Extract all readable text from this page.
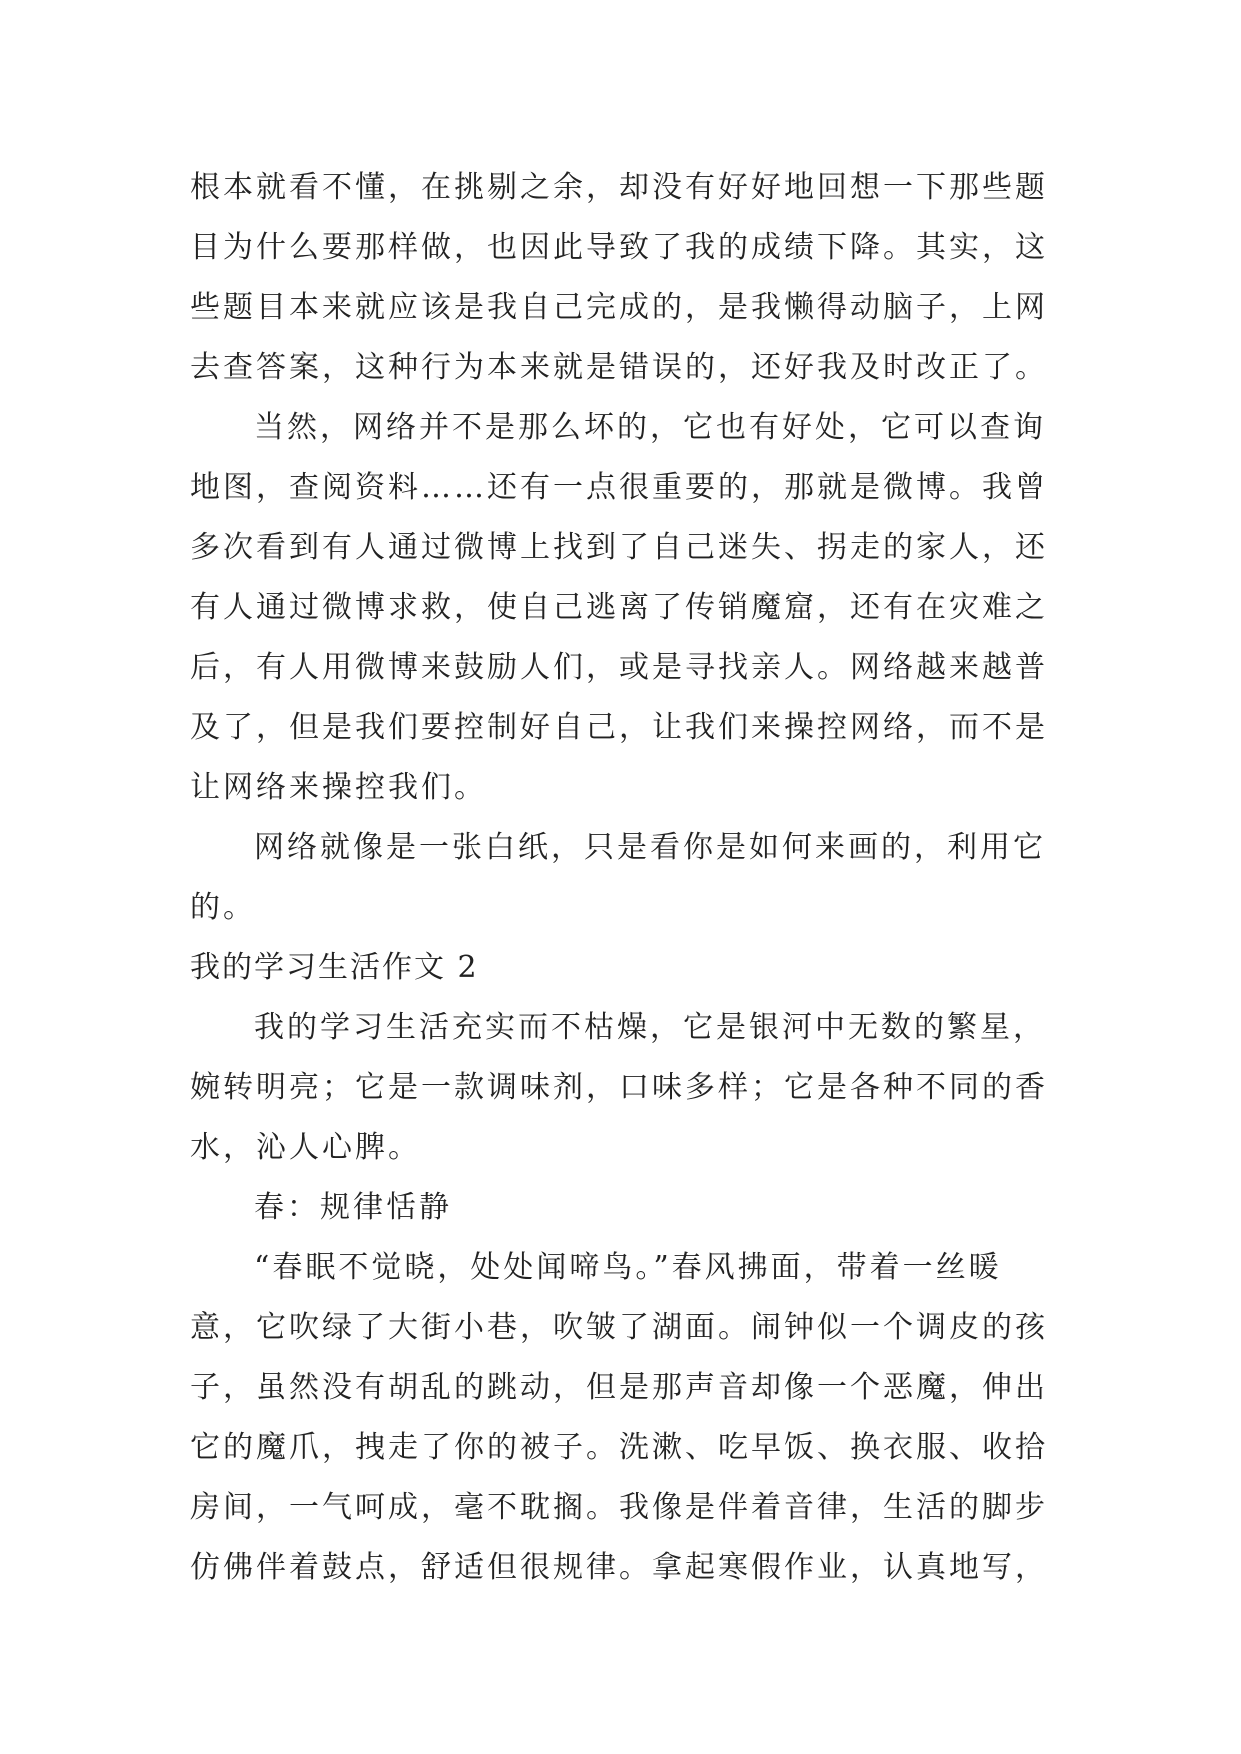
根本就看不懂，在挑剔之余，却没有好好地回想一下那些题
目为什么要那样做，也因此导致了我的成绩下降。其实，这
些题目本来就应该是我自己完成的，是我懒得动脑子，上网
去查答案，这种行为本来就是错误的，还好我及时改正了。

当然，网络并不是那么坏的，它也有好处，它可以查询
地图，查阅资料……还有一点很重要的，那就是微博。我曾
多次看到有人通过微博上找到了自己迷失、拐走的家人，还
有人通过微博求救，使自己逃离了传销魔窟，还有在灾难之
后，有人用微博来鼓励人们，或是寻找亲人。网络越来越普
及了，但是我们要控制好自己，让我们来操控网络，而不是
让网络来操控我们。

网络就像是一张白纸，只是看你是如何来画的，利用它
的。

我的学习生活作文 2

我的学习生活充实而不枯燥，它是银河中无数的繁星，
婉转明亮；它是一款调味剂，口味多样；它是各种不同的香
水，沁人心脾。

春：规律恬静

“春眠不觉晓，处处闻啼鸟。”春风拂面，带着一丝暖
意，它吹绿了大街小巷，吹皱了湖面。闹钟似一个调皮的孩
子，虽然没有胡乱的跳动，但是那声音却像一个恶魔，伸出
它的魔爪，拽走了你的被子。洗漱、吃早饭、换衣服、收拾
房间，一气呵成，毫不耽搁。我像是伴着音律，生活的脚步
仿佛伴着鼓点，舒适但很规律。拿起寒假作业，认真地写，
